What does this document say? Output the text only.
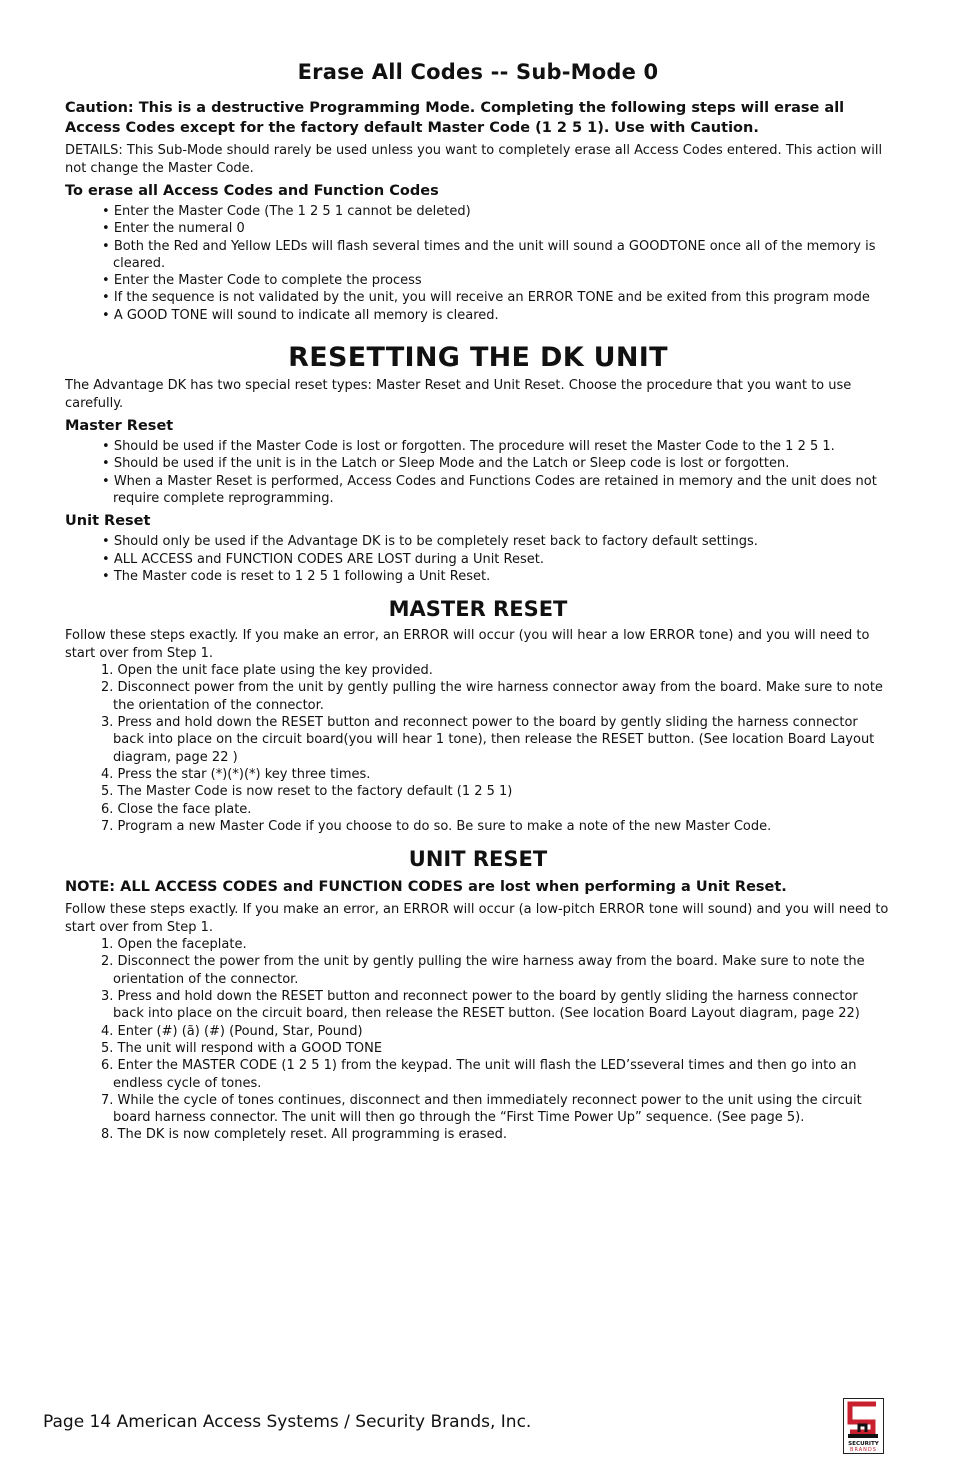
Erase All Codes -- Sub-Mode 0

Caution: This is a destructive Programming Mode. Completing the following steps will erase all Access Codes except for the factory default Master Code (1 2 5 1). Use with Caution.

DETAILS: This Sub-Mode should rarely be used unless you want to completely erase all Access Codes entered. This action will not change the Master Code.

To erase all Access Codes and Function Codes
• Enter the Master Code (The 1 2 5 1 cannot be deleted)
• Enter the numeral 0
• Both the Red and Yellow LEDs will flash several times and the unit will sound a GOODTONE once all of the memory is cleared.
• Enter the Master Code to complete the process
• If the sequence is not validated by the unit, you will receive an ERROR TONE and be exited from this program mode
• A GOOD TONE will sound to indicate all memory is cleared.
RESETTING THE DK UNIT

The Advantage DK has two special reset types: Master Reset and Unit Reset. Choose the procedure that you want to use carefully.

Master Reset
• Should be used if the Master Code is lost or forgotten. The procedure will reset the Master Code to the 1 2 5 1.
• Should be used if the unit is in the Latch or Sleep Mode and the Latch or Sleep code is lost or forgotten.
• When a Master Reset is performed, Access Codes and Functions Codes are retained in memory and the unit does not require complete reprogramming.
Unit Reset
• Should only be used if the Advantage DK is to be completely reset back to factory default settings.
• ALL ACCESS and FUNCTION CODES ARE LOST during a Unit Reset.
• The Master code is reset to 1 2 5 1 following a Unit Reset.
MASTER RESET

Follow these steps exactly. If you make an error, an ERROR will occur (you will hear a low ERROR tone) and you will need to start over from Step 1.

1. Open the unit face plate using the key provided.
2. Disconnect power from the unit by gently pulling the wire harness connector away from the board. Make sure to note the orientation of the connector.
3. Press and hold down the RESET button and reconnect power to the board by gently sliding the harness connector back into place on the circuit board(you will hear 1 tone), then release the RESET button. (See location Board Layout diagram, page 22 )
4. Press the star (*)(*)(*) key three times.
5. The Master Code is now reset to the factory default (1 2 5 1)
6. Close the face plate.
7. Program a new Master Code if you choose to do so. Be sure to make a note of the new Master Code.
UNIT RESET

NOTE: ALL ACCESS CODES and FUNCTION CODES are lost when performing a Unit Reset.

Follow these steps exactly. If you make an error, an ERROR will occur (a low-pitch ERROR tone will sound) and you will need to start over from Step 1.

1. Open the faceplate.
2. Disconnect the power from the unit by gently pulling the wire harness away from the board. Make sure to note the orientation of the connector.
3. Press and hold down the RESET button and reconnect power to the board by gently sliding the harness connector back into place on the circuit board, then release the RESET button. (See location Board Layout diagram, page 22)
4. Enter (#) (ã) (#) (Pound, Star, Pound)
5. The unit will respond with a GOOD TONE
6. Enter the MASTER CODE (1 2 5 1) from the keypad. The unit will flash the LED’sseveral times and then go into an endless cycle of tones.
7. While the cycle of tones continues, disconnect and then immediately reconnect power to the unit using the circuit board harness connector. The unit will then go through the “First Time Power Up” sequence. (See page 5).
8. The DK is now completely reset. All programming is erased.
Page 14 American Access Systems / Security Brands, Inc.
SECURITY
BRANDS
